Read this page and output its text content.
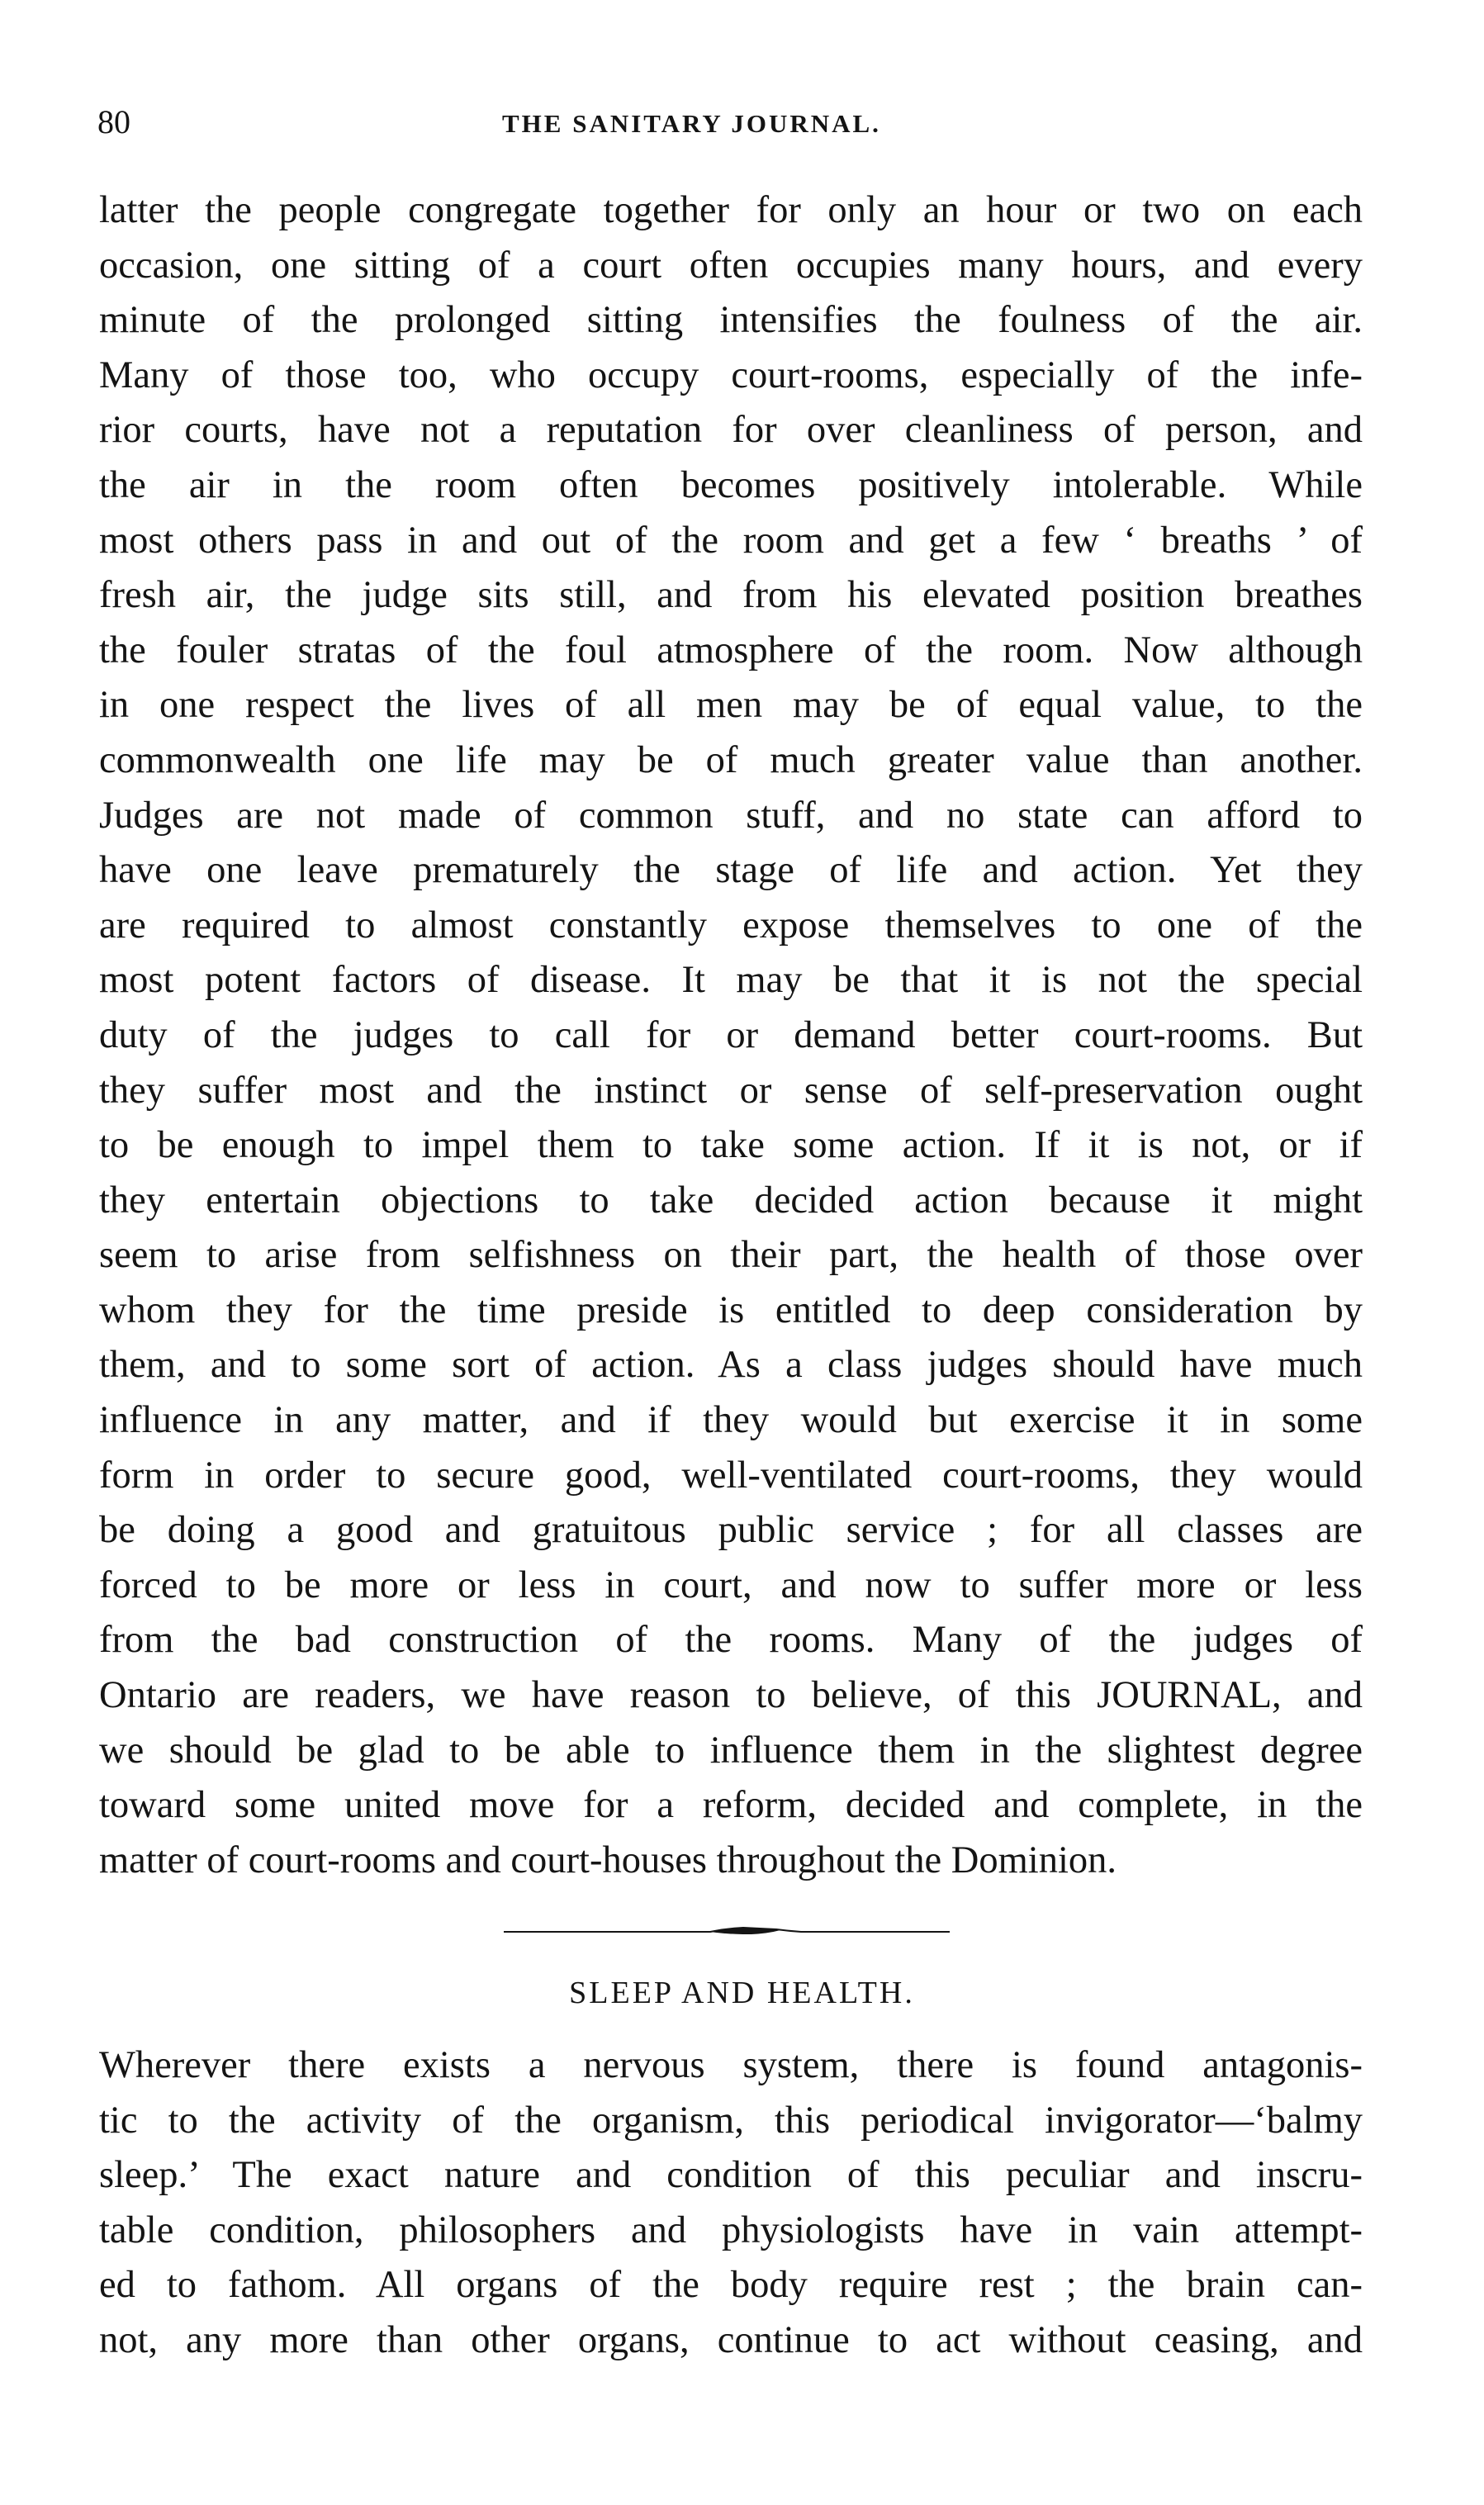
80	THE SANITARY JOURNAL.
latter the people congregate together for only an hour or two on each
occasion, one sitting of a court often occupies many hours, and every
minute of the prolonged sitting intensifies the foulness of the air.
Many of those too, who occupy court-rooms, especially of the infe-
rior courts, have not a reputation for over cleanliness of person, and
the air in the room often becomes positively intolerable. While
most others pass in and out of the room and get a few ‘ breaths ’ of
fresh air, the judge sits still, and from his elevated position breathes
the fouler stratas of the foul atmosphere of the room. Now although
in one respect the lives of all men may be of equal value, to the
commonwealth one life may be of much greater value than another.
Judges are not made of common stuff, and no state can afford to
have one leave prematurely the stage of life and action. Yet they
are required to almost constantly expose themselves to one of the
most potent factors of disease. It may be that it is not the special
duty of the judges to call for or demand better court-rooms. But
they suffer most and the instinct or sense of self-preservation ought
to be enough to impel them to take some action. If it is not, or if
they entertain objections to take decided action because it might
seem to arise from selfishness on their part, the health of those over
whom they for the time preside is entitled to deep consideration by
them, and to some sort of action. As a class judges should have much
influence in any matter, and if they would but exercise it in some
form in order to secure good, well-ventilated court-rooms, they would
be doing a good and gratuitous public service ; for all classes are
forced to be more or less in court, and now to suffer more or less
from the bad construction of the rooms. Many of the judges of
Ontario are readers, we have reason to believe, of this JOURNAL, and
we should be glad to be able to influence them in the slightest degree
toward some united move for a reform, decided and complete, in the
matter of court-rooms and court-houses throughout the Dominion.
SLEEP AND HEALTH.
Wherever there exists a nervous system, there is found antagonis-
tic to the activity of the organism, this periodical invigorator—‘balmy
sleep.’ The exact nature and condition of this peculiar and inscru-
table condition, philosophers and physiologists have in vain attempt-
ed to fathom. All organs of the body require rest ; the brain can-
not, any more than other organs, continue to act without ceasing, and
